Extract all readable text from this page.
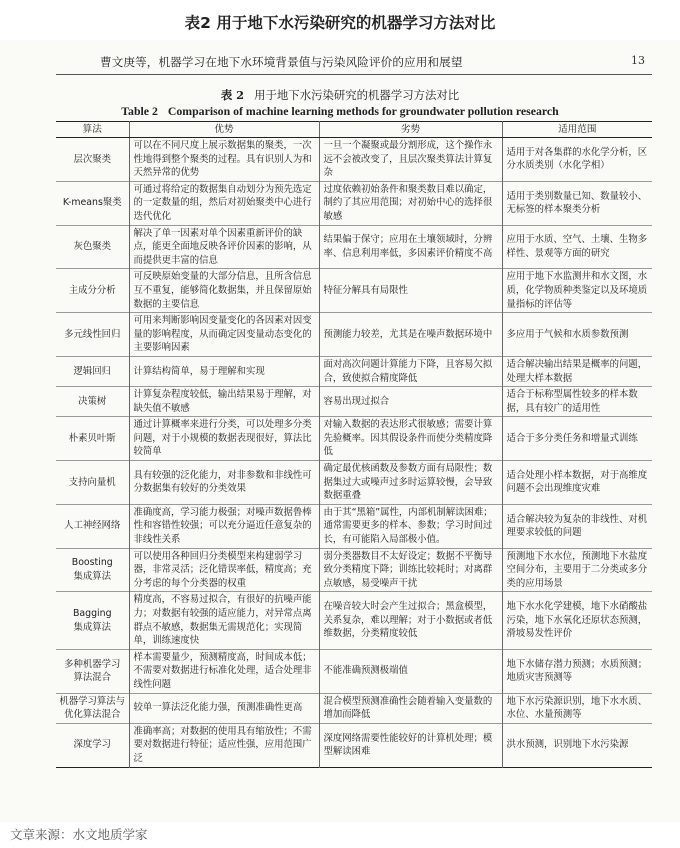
表2 用于地下水污染研究的机器学习方法对比
曹文庚等，机器学习在地下水环境背景值与污染风险评价的应用和展望	13
表 2 用于地下水污染研究的机器学习方法对比
Table 2 Comparison of machine learning methods for groundwater pollution research
算法	优势	劣势	适用范围
层次聚类	可以在不同尺度上展示数据集的聚类，一次性地得到整个聚类的过程。具有识别人为和天然异常的优势	一旦一个凝聚或最分割形成，这个操作永远不会被改变了，且层次聚类算法计算复杂	适用于对各集群的水化学分析，区分水质类别（水化学相）
K-means聚类	可通过将给定的数据集自动划分为预先选定的一定数量的组，然后对初始聚类中心进行迭代优化	过度依赖初始条件和聚类数目难以确定，制约了其应用范围；对初始中心的选择很敏感	适用于类别数量已知、数量较小、无标签的样本聚类分析
灰色聚类	解决了单一因素对单个因素重新评价的缺点，能更全面地反映各评价因素的影响，从而提供更丰富的信息	结果偏于保守；应用在土壤领域时，分辨率、信息利用率低，多因素评价精度不高	应用于水质、空气、土壤、生物多样性、景观等方面的研究
主成分分析	可反映原始变量的大部分信息，且所含信息互不重复，能够简化数据集，并且保留原始数据的主要信息	特征分解具有局限性	应用于地下水监测井和水文图，水质，化学物质种类鉴定以及环境质量指标的评估等
多元线性回归	可用来判断影响因变量变化的各因素对因变量的影响程度，从而确定因变量动态变化的主要影响因素	预测能力较差，尤其是在噪声数据环境中	多应用于气候和水质参数预测
逻辑回归	计算结构简单，易于理解和实现	面对高次问题计算能力下降，且容易欠拟合，致使拟合精度降低	适合解决输出结果是概率的问题，处理大样本数据
决策树	计算复杂程度较低，输出结果易于理解，对缺失值不敏感	容易出现过拟合	适合于标称型属性较多的样本数据，具有较广的适用性
朴素贝叶斯	通过计算概率来进行分类，可以处理多分类问题，对于小规模的数据表现很好，算法比较简单	对输入数据的表达形式很敏感；需要计算先验概率。因其假设条件而使分类精度降低	适合于多分类任务和增量式训练
支持向量机	具有较强的泛化能力，对非参数和非线性可分数据集有较好的分类效果	确定最优核函数及参数方面有局限性；数据集过大或噪声过多时运算较慢，会导致数据重叠	适合处理小样本数据，对于高维度问题不会出现维度灾难
人工神经网络	准确度高，学习能力极强；对噪声数据鲁棒性和容错性较强；可以充分逼近任意复杂的非线性关系	由于其“黑箱”属性，内部机制解读困难；通常需要更多的样本、参数；学习时间过长，有可能陷入局部极小值。	适合解决较为复杂的非线性、对机理要求较低的问题
Boosting
集成算法	可以使用各种回归分类模型来构建弱学习器，非常灵活；泛化错误率低，精度高；充分考虑的每个分类器的权重	弱分类器数目不太好设定；数据不平衡导致分类精度下降；训练比较耗时；对离群点敏感，易受噪声干扰	预测地下水水位，预测地下水盐度空间分布，主要用于二分类或多分类的应用场景
Bagging
集成算法	精度高，不容易过拟合，有很好的抗噪声能力；对数据有较强的适应能力，对异常点离群点不敏感，数据集无需规范化；实现简单，训练速度快	在噪音较大时会产生过拟合；黑盒模型，关系复杂，难以理解；对于小数据或者低维数据，分类精度较低	地下水水化学建模，地下水硝酸盐污染，地下水氧化还原状态预测，滑坡易发性评价
多种机器学习
算法混合	样本需要量少，预测精度高，时间成本低；不需要对数据进行标准化处理，适合处理非线性问题	不能准确预测极端值	地下水储存潜力预测；水质预测；地质灾害预测等
机器学习算法与
优化算法混合	较单一算法泛化能力强，预测准确性更高	混合模型预测准确性会随着输入变量数的增加而降低	地下水污染源识别，地下水水质、水位、水量预测等
深度学习	准确率高；对数据的使用具有缩放性；不需要对数据进行特征；适应性强，应用范围广泛	深度网络需要性能较好的计算机处理；模型解读困难	洪水预测，识别地下水污染源
文章来源：水文地质学家
